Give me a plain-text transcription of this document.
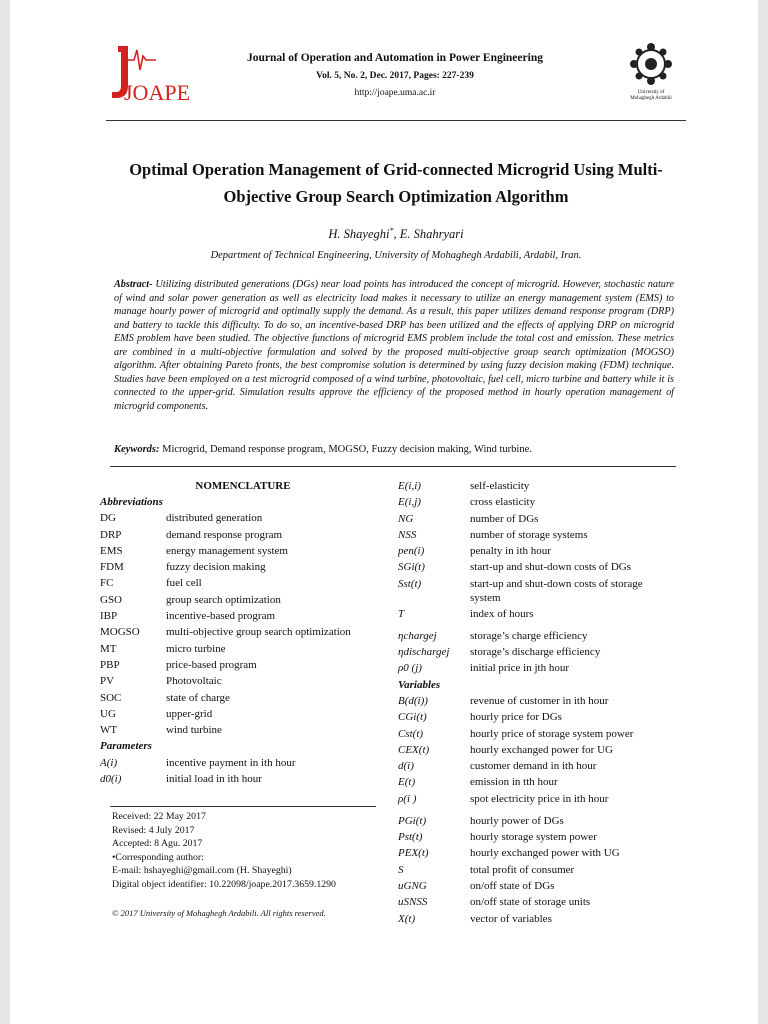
JOAPE
Journal of Operation and Automation in Power Engineering
Vol. 5, No. 2, Dec. 2017, Pages: 227-239
http://joape.uma.ac.ir	University of
Mohaghegh Ardabili
Optimal Operation Management of Grid-connected Microgrid Using Multi-
Objective Group Search Optimization Algorithm
H. Shayeghi*, E. Shahryari
Department of Technical Engineering, University of Mohaghegh Ardabili, Ardabil, Iran.
Abstract- Utilizing distributed generations (DGs) near load points has introduced the concept of microgrid. However, stochastic nature of wind and solar power generation as well as electricity load makes it necessary to utilize an energy management system (EMS) to manage hourly power of microgrid and optimally supply the demand. As a result, this paper utilizes demand response program (DRP) and battery to tackle this difficulty. To do so, an incentive-based DRP has been utilized and the effects of applying DRP on microgrid EMS problem have been studied. The objective functions of microgrid EMS problem include the total cost and emission. These metrics are combined in a multi-objective formulation and solved by the proposed multi-objective group search optimization (MOGSO) algorithm. After obtaining Pareto fronts, the best compromise solution is determined by using fuzzy decision making (FDM) technique. Studies have been employed on a test microgrid composed of a wind turbine, photovoltaic, fuel cell, micro turbine and battery while it is connected to the upper-grid. Simulation results approve the efficiency of the proposed method in hourly operation management of microgrid components.
Keywords: Microgrid, Demand response program, MOGSO, Fuzzy decision making, Wind turbine.
NOMENCLATURE
Abbreviations
DG	distributed generation
DRP	demand response program
EMS	energy management system
FDM	fuzzy decision making
FC	fuel cell
GSO	group search optimization
IBP	incentive-based program
MOGSO multi-objective group search optimization
MT	micro turbine
PBP	price-based program
PV	Photovoltaic
SOC	state of charge
UG	upper-grid
WT	wind turbine
Parameters
A(i)	incentive payment in ith hour
d0(i)	initial load in ith hour
E(i,i)	self-elasticity
E(i,j)	cross elasticity
NG	number of DGs
NSS	number of storage systems
pen(i)	penalty in ith hour
SGi(t)	start-up and shut-down costs of DGs
Sst(t)	start-up and shut-down costs of storage system
T	index of hours
ηchargej	storage’s charge efficiency
ηdischargej storage’s discharge efficiency
ρ0 (j)	initial price in jth hour
Variables
B(d(i))	revenue of customer in ith hour
CGi(t)	hourly price for DGs
Cst(t)	hourly price of storage system power
CEX(t)	hourly exchanged power for UG
d(i)	customer demand in ith hour
E(t)	emission in tth hour
ρ(i )	spot electricity price in ith hour
PGi(t)	hourly power of DGs
Pst(t)	hourly storage system power
PEX(t)	hourly exchanged power with UG
S	total profit of consumer
uGNG	on/off state of DGs
uSNSS	on/off state of storage units
X(t)	vector of variables
Received: 22 May 2017
Revised: 4 July 2017
Accepted: 8 Agu. 2017
•Corresponding author:
E-mail: hshayeghi@gmail.com (H. Shayeghi)
Digital object identifier: 10.22098/joape.2017.3659.1290
© 2017 University of Mohaghegh Ardabili. All rights reserved.
